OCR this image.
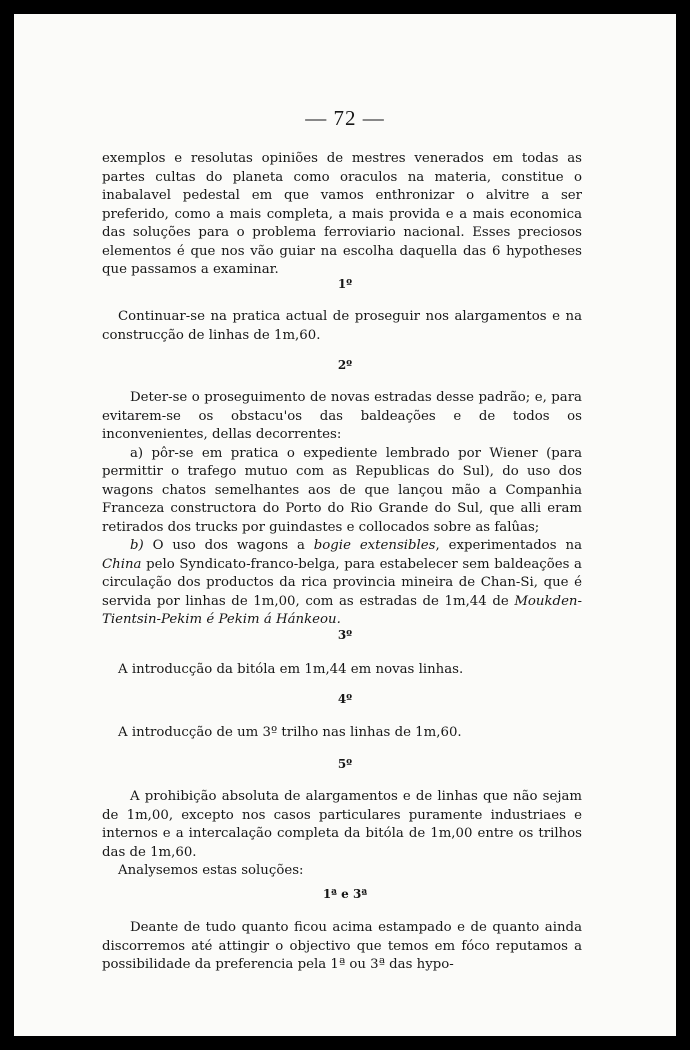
— 72 —

exemplos e resolutas opiniões de mestres venerados em todas as partes cultas do planeta como oraculos na materia, constitue o inabalavel pedestal em que vamos enthronizar o alvitre a ser preferido, como a mais completa, a mais provida e a mais economica das soluções para o problema ferroviario nacional. Esses preciosos elementos é que nos vão guiar na escolha daquella das 6 hypotheses que passamos a examinar.

1º

Continuar-se na pratica actual de proseguir nos alargamentos e na construcção de linhas de 1m,60.

2º

Deter-se o proseguimento de novas estradas desse padrão; e, para evitarem-se os obstacu'os das baldeações e de todos os inconvenientes, dellas decorrentes:

a) pôr-se em pratica o expediente lembrado por Wiener (para permittir o trafego mutuo com as Republicas do Sul), do uso dos wagons chatos semelhantes aos de que lançou mão a Companhia Franceza constructora do Porto do Rio Grande do Sul, que alli eram retirados dos trucks por guindastes e collocados sobre as falûas;

b) O uso dos wagons a bogie extensibles, experimentados na China pelo Syndicato-franco-belga, para estabelecer sem baldeações a circulação dos productos da rica provincia mineira de Chan-Si, que é servida por linhas de 1m,00, com as estradas de 1m,44 de Moukden-Tientsin-Pekim é Pekim á Hánkeou.

3º

A introducção da bitóla em 1m,44 em novas linhas.

4º

A introducção de um 3º trilho nas linhas de 1m,60.

5º

A prohibição absoluta de alargamentos e de linhas que não sejam de 1m,00, excepto nos casos particulares puramente industriaes e internos e a intercalação completa da bitóla de 1m,00 entre os trilhos das de 1m,60.

Analysemos estas soluções:

1ª e 3ª

Deante de tudo quanto ficou acima estampado e de quanto ainda discorremos até attingir o objectivo que temos em fóco reputamos a possibilidade da preferencia pela 1ª ou 3ª das hypo-
